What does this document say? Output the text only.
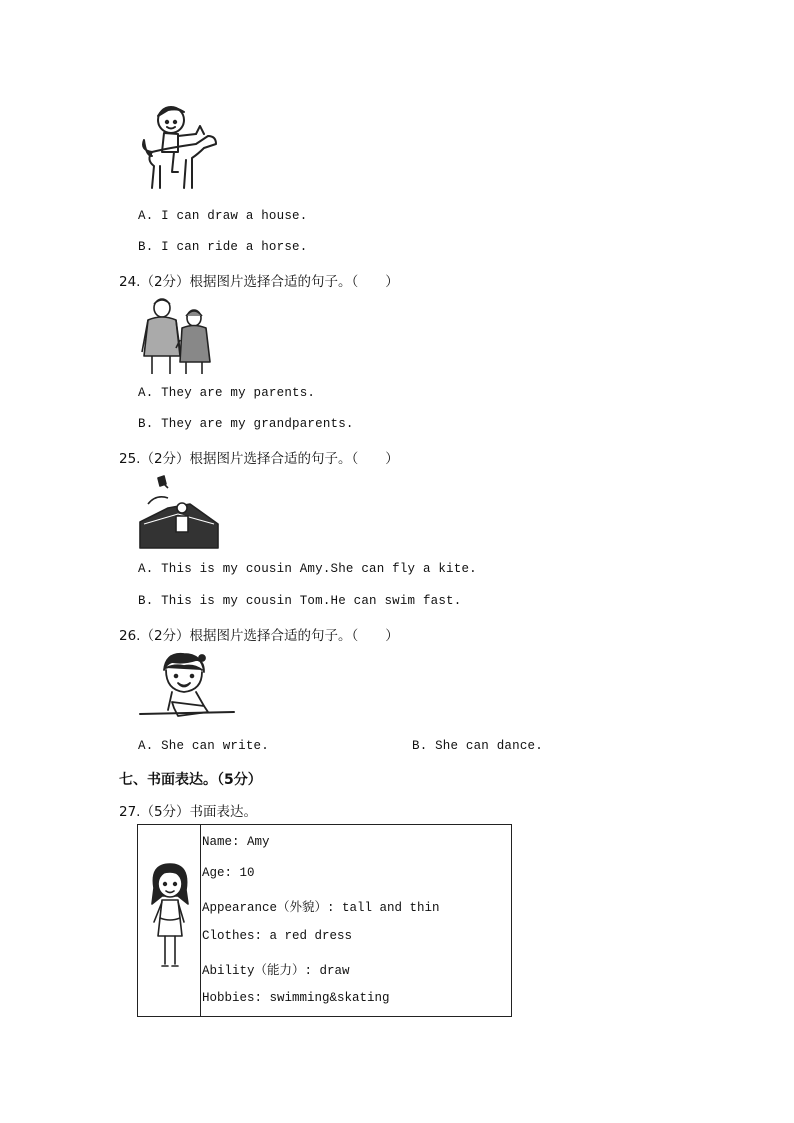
A. I can draw a house.
B. I can ride a horse.
24.（2分）根据图片选择合适的句子。（　　）
A. They are my parents.
B. They are my grandparents.
25.（2分）根据图片选择合适的句子。（　　）
A. This is my cousin Amy.She can fly a kite.
B. This is my cousin Tom.He can swim fast.
26.（2分）根据图片选择合适的句子。（　　）
A. She can write.	B. She can dance.
七、书面表达。（5分）
27.（5分）书面表达。

Name: Amy
Age: 10
Appearance（外貌）: tall and thin
Clothes: a red dress
Ability（能力）: draw
Hobbies: swimming&skating
